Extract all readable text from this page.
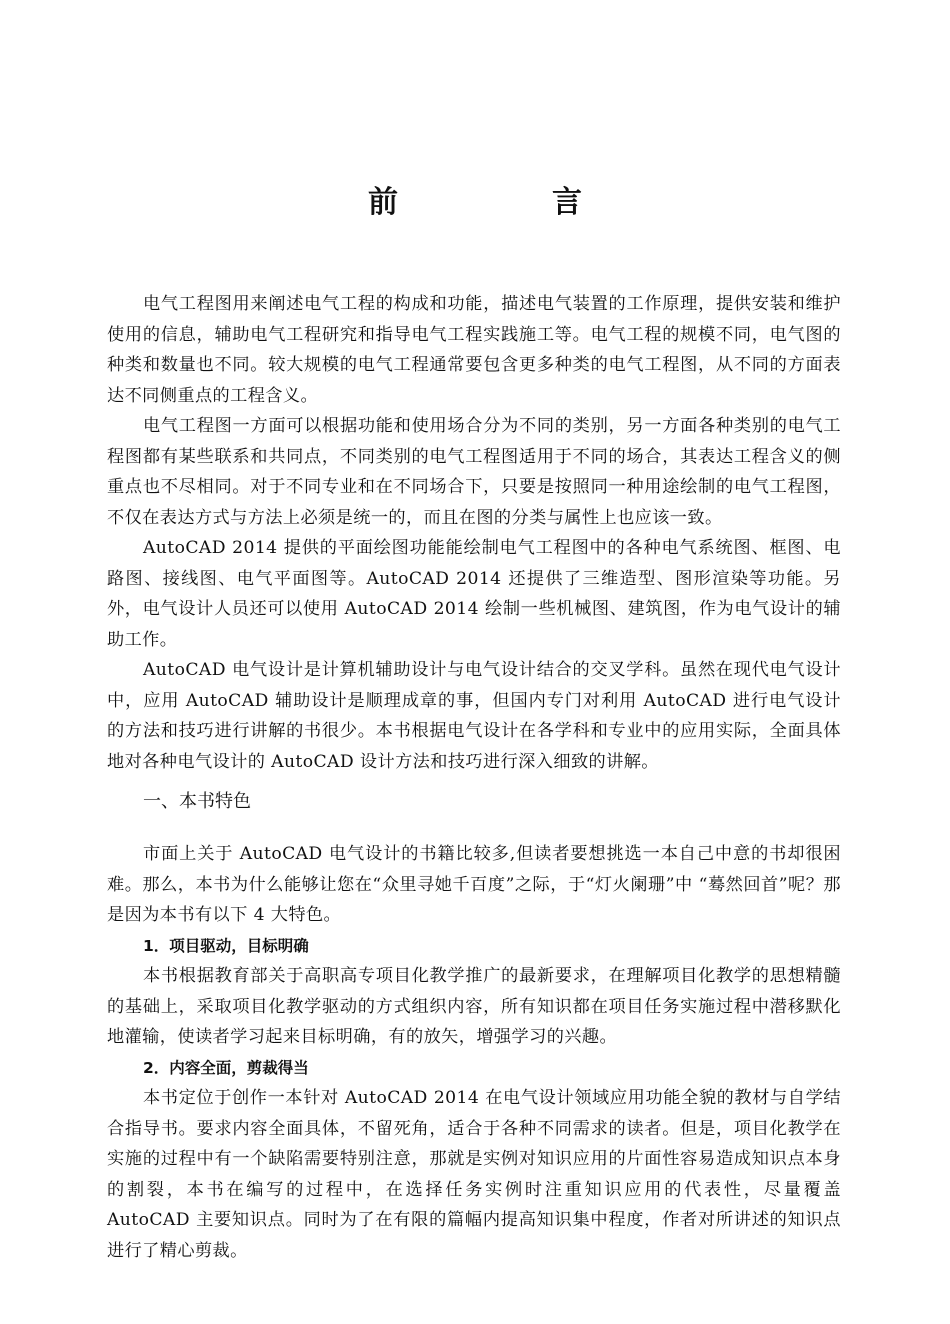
前　言

电气工程图用来阐述电气工程的构成和功能，描述电气装置的工作原理，提供安装和维护使用的信息，辅助电气工程研究和指导电气工程实践施工等。电气工程的规模不同，电气图的种类和数量也不同。较大规模的电气工程通常要包含更多种类的电气工程图，从不同的方面表达不同侧重点的工程含义。

电气工程图一方面可以根据功能和使用场合分为不同的类别，另一方面各种类别的电气工程图都有某些联系和共同点，不同类别的电气工程图适用于不同的场合，其表达工程含义的侧重点也不尽相同。对于不同专业和在不同场合下，只要是按照同一种用途绘制的电气工程图，不仅在表达方式与方法上必须是统一的，而且在图的分类与属性上也应该一致。

AutoCAD 2014 提供的平面绘图功能能绘制电气工程图中的各种电气系统图、框图、电路图、接线图、电气平面图等。AutoCAD 2014 还提供了三维造型、图形渲染等功能。另外，电气设计人员还可以使用 AutoCAD 2014 绘制一些机械图、建筑图，作为电气设计的辅助工作。

AutoCAD 电气设计是计算机辅助设计与电气设计结合的交叉学科。虽然在现代电气设计中，应用 AutoCAD 辅助设计是顺理成章的事，但国内专门对利用 AutoCAD 进行电气设计的方法和技巧进行讲解的书很少。本书根据电气设计在各学科和专业中的应用实际，全面具体地对各种电气设计的 AutoCAD 设计方法和技巧进行深入细致的讲解。

一、本书特色

市面上关于 AutoCAD 电气设计的书籍比较多,但读者要想挑选一本自己中意的书却很困难。那么，本书为什么能够让您在“众里寻她千百度”之际，于“灯火阑珊”中 “蓦然回首”呢？那是因为本书有以下 4 大特色。

1．项目驱动，目标明确

本书根据教育部关于高职高专项目化教学推广的最新要求，在理解项目化教学的思想精髓的基础上，采取项目化教学驱动的方式组织内容，所有知识都在项目任务实施过程中潜移默化地灌输，使读者学习起来目标明确，有的放矢，增强学习的兴趣。

2．内容全面，剪裁得当

本书定位于创作一本针对 AutoCAD 2014 在电气设计领域应用功能全貌的教材与自学结合指导书。要求内容全面具体，不留死角，适合于各种不同需求的读者。但是，项目化教学在实施的过程中有一个缺陷需要特别注意，那就是实例对知识应用的片面性容易造成知识点本身的割裂，本书在编写的过程中，在选择任务实例时注重知识应用的代表性，尽量覆盖 AutoCAD 主要知识点。同时为了在有限的篇幅内提高知识集中程度，作者对所讲述的知识点进行了精心剪裁。
